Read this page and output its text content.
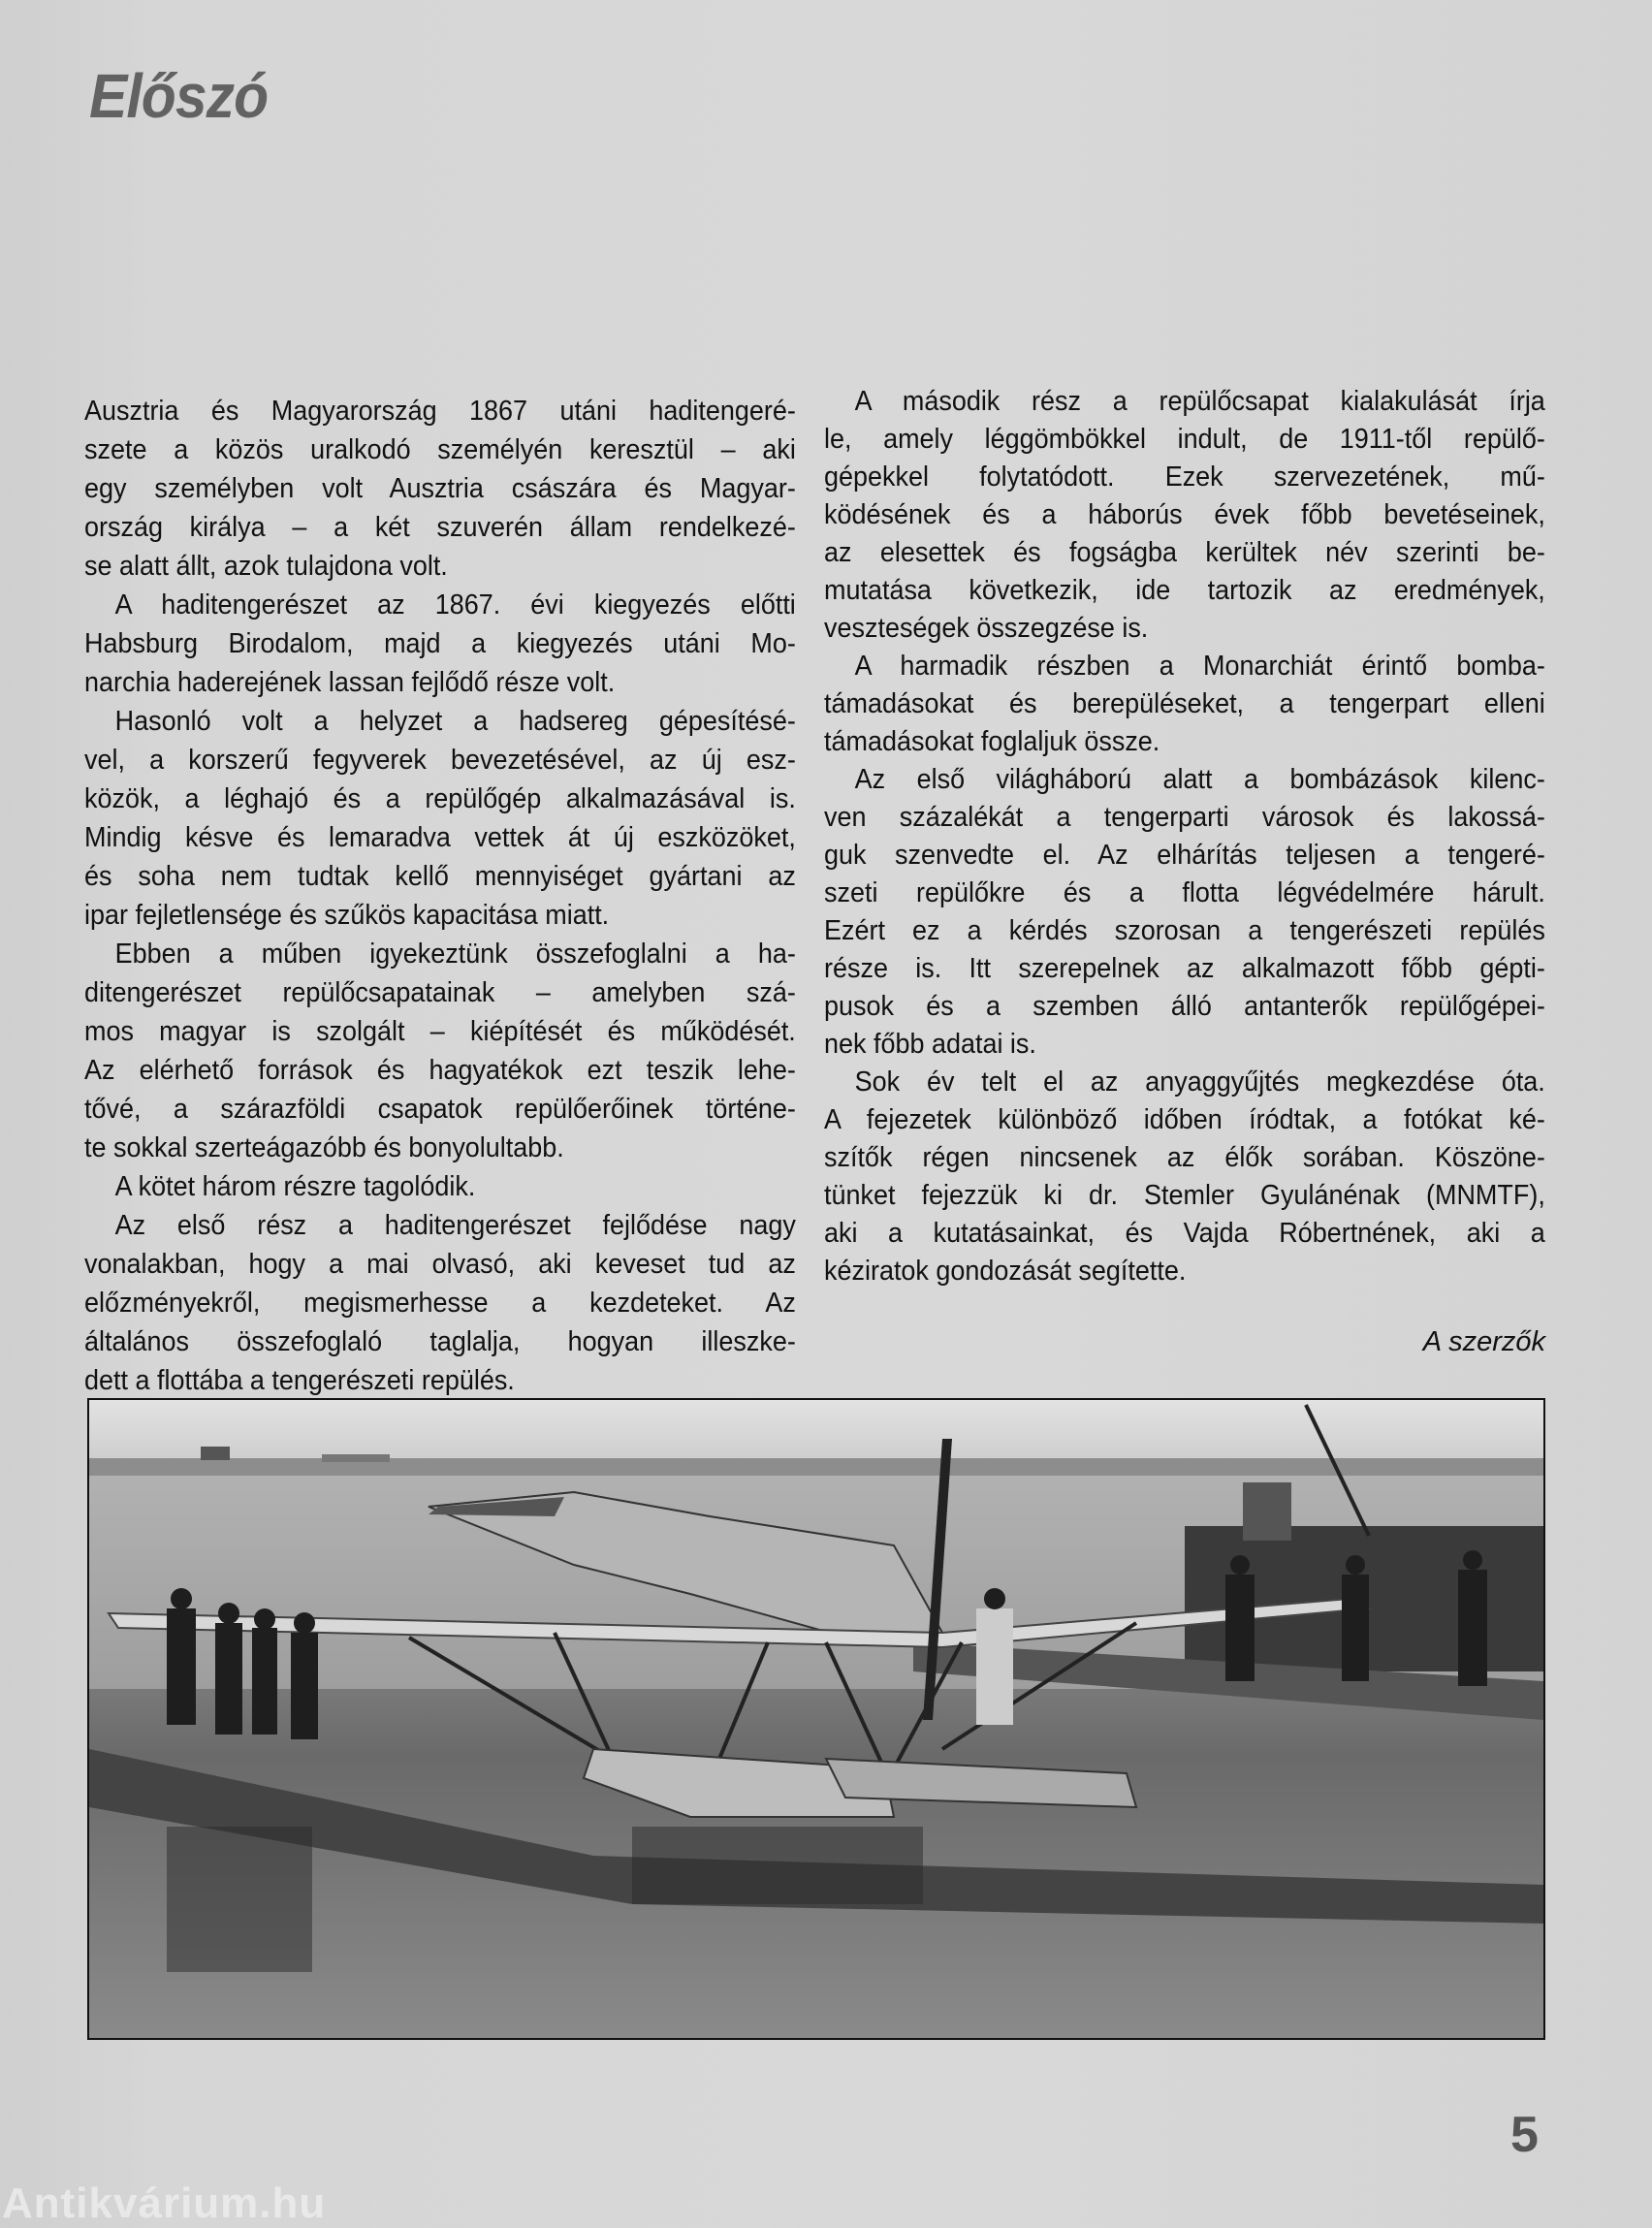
Előszó
Ausztria és Magyarország 1867 utáni haditengeré-
szete a közös uralkodó személyén keresztül – aki
egy személyben volt Ausztria császára és Magyar-
ország királya – a két szuverén állam rendelkezé-
se alatt állt, azok tulajdona volt.
A haditengerészet az 1867. évi kiegyezés előtti
Habsburg Birodalom, majd a kiegyezés utáni Mo-
narchia haderejének lassan fejlődő része volt.
Hasonló volt a helyzet a hadsereg gépesítésé-
vel, a korszerű fegyverek bevezetésével, az új esz-
közök, a léghajó és a repülőgép alkalmazásával is.
Mindig késve és lemaradva vettek át új eszközöket,
és soha nem tudtak kellő mennyiséget gyártani az
ipar fejletlensége és szűkös kapacitása miatt.
Ebben a műben igyekeztünk összefoglalni a ha-
ditengerészet repülőcsapatainak – amelyben szá-
mos magyar is szolgált – kiépítését és működését.
Az elérhető források és hagyatékok ezt teszik lehe-
tővé, a szárazföldi csapatok repülőerőinek történe-
te sokkal szerteágazóbb és bonyolultabb.
A kötet három részre tagolódik.
Az első rész a haditengerészet fejlődése nagy
vonalakban, hogy a mai olvasó, aki keveset tud az
előzményekről, megismerhesse a kezdeteket. Az
általános összefoglaló taglalja, hogyan illeszke-
dett a flottába a tengerészeti repülés.
A második rész a repülőcsapat kialakulását írja
le, amely léggömbökkel indult, de 1911-től repülő-
gépekkel folytatódott. Ezek szervezetének, mű-
ködésének és a háborús évek főbb bevetéseinek,
az elesettek és fogságba kerültek név szerinti be-
mutatása következik, ide tartozik az eredmények,
veszteségek összegzése is.
A harmadik részben a Monarchiát érintő bomba-
támadásokat és berepüléseket, a tengerpart elleni
támadásokat foglaljuk össze.
Az első világháború alatt a bombázások kilenc-
ven százalékát a tengerparti városok és lakossá-
guk szenvedte el. Az elhárítás teljesen a tengeré-
szeti repülőkre és a flotta légvédelmére hárult.
Ezért ez a kérdés szorosan a tengerészeti repülés
része is. Itt szerepelnek az alkalmazott főbb gépti-
pusok és a szemben álló antanterők repülőgépei-
nek főbb adatai is.
Sok év telt el az anyaggyűjtés megkezdése óta.
A fejezetek különböző időben íródtak, a fotókat ké-
szítők régen nincsenek az élők sorában. Köszöne-
tünket fejezzük ki dr. Stemler Gyulánénak (MNMTF),
aki a kutatásainkat, és Vajda Róbertnének, aki a
kéziratok gondozását segítette.
A szerzők
5
Antikvárium.hu
